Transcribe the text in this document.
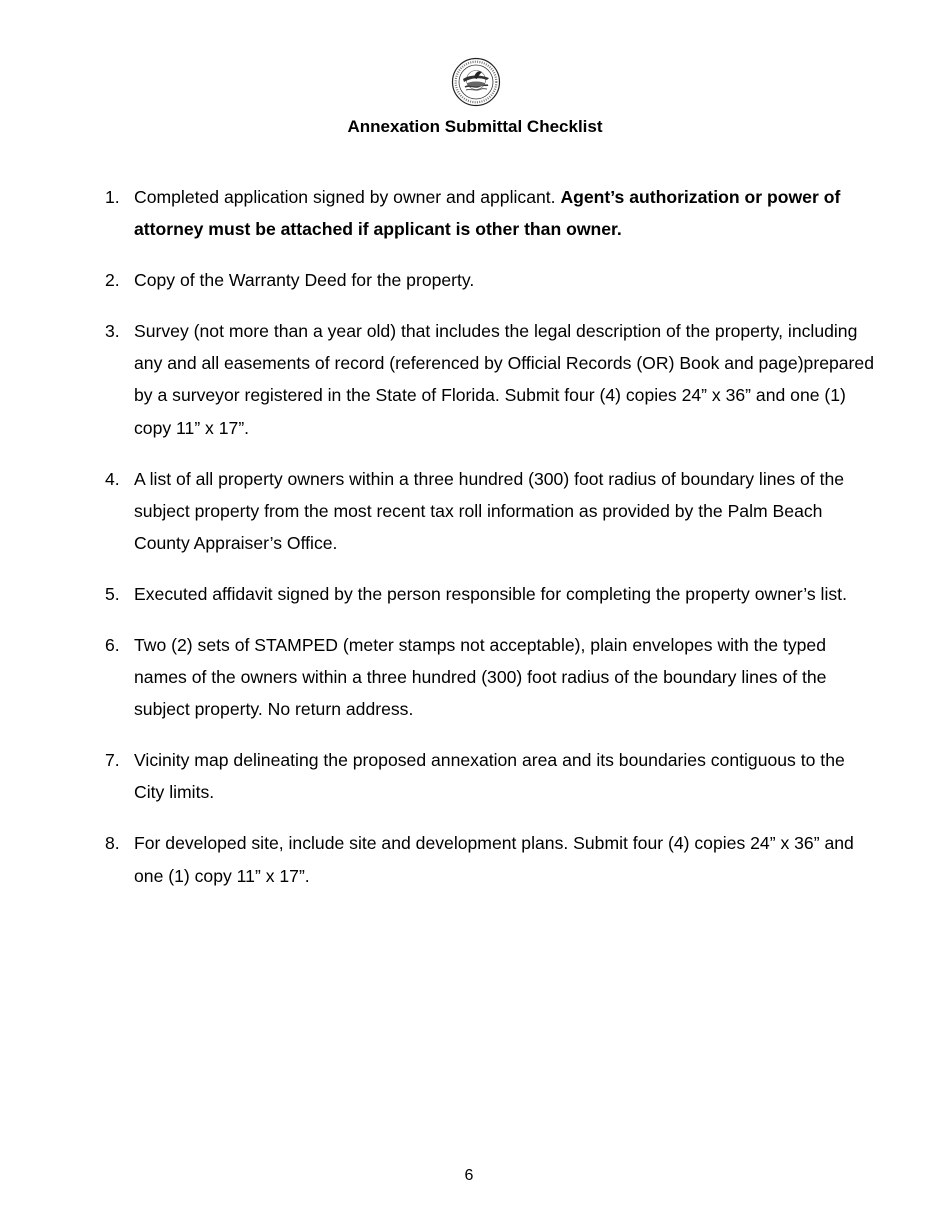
Annexation Submittal Checklist
1. Completed application signed by owner and applicant. Agent’s authorization or power of attorney must be attached if applicant is other than owner.
2. Copy of the Warranty Deed for the property.
3. Survey (not more than a year old) that includes the legal description of the property, including any and all easements of record (referenced by Official Records (OR) Book and page)prepared by a surveyor registered in the State of Florida. Submit four (4) copies 24” x 36” and one (1) copy 11” x 17”.
4. A list of all property owners within a three hundred (300) foot radius of boundary lines of the subject property from the most recent tax roll information as provided by the Palm Beach County Appraiser’s Office.
5. Executed affidavit signed by the person responsible for completing the property owner’s list.
6. Two (2) sets of STAMPED (meter stamps not acceptable), plain envelopes with the typed names of the owners within a three hundred (300) foot radius of the boundary lines of the subject property. No return address.
7. Vicinity map delineating the proposed annexation area and its boundaries contiguous to the City limits.
8. For developed site, include site and development plans. Submit four (4) copies 24” x 36” and one (1) copy 11” x 17”.
6
